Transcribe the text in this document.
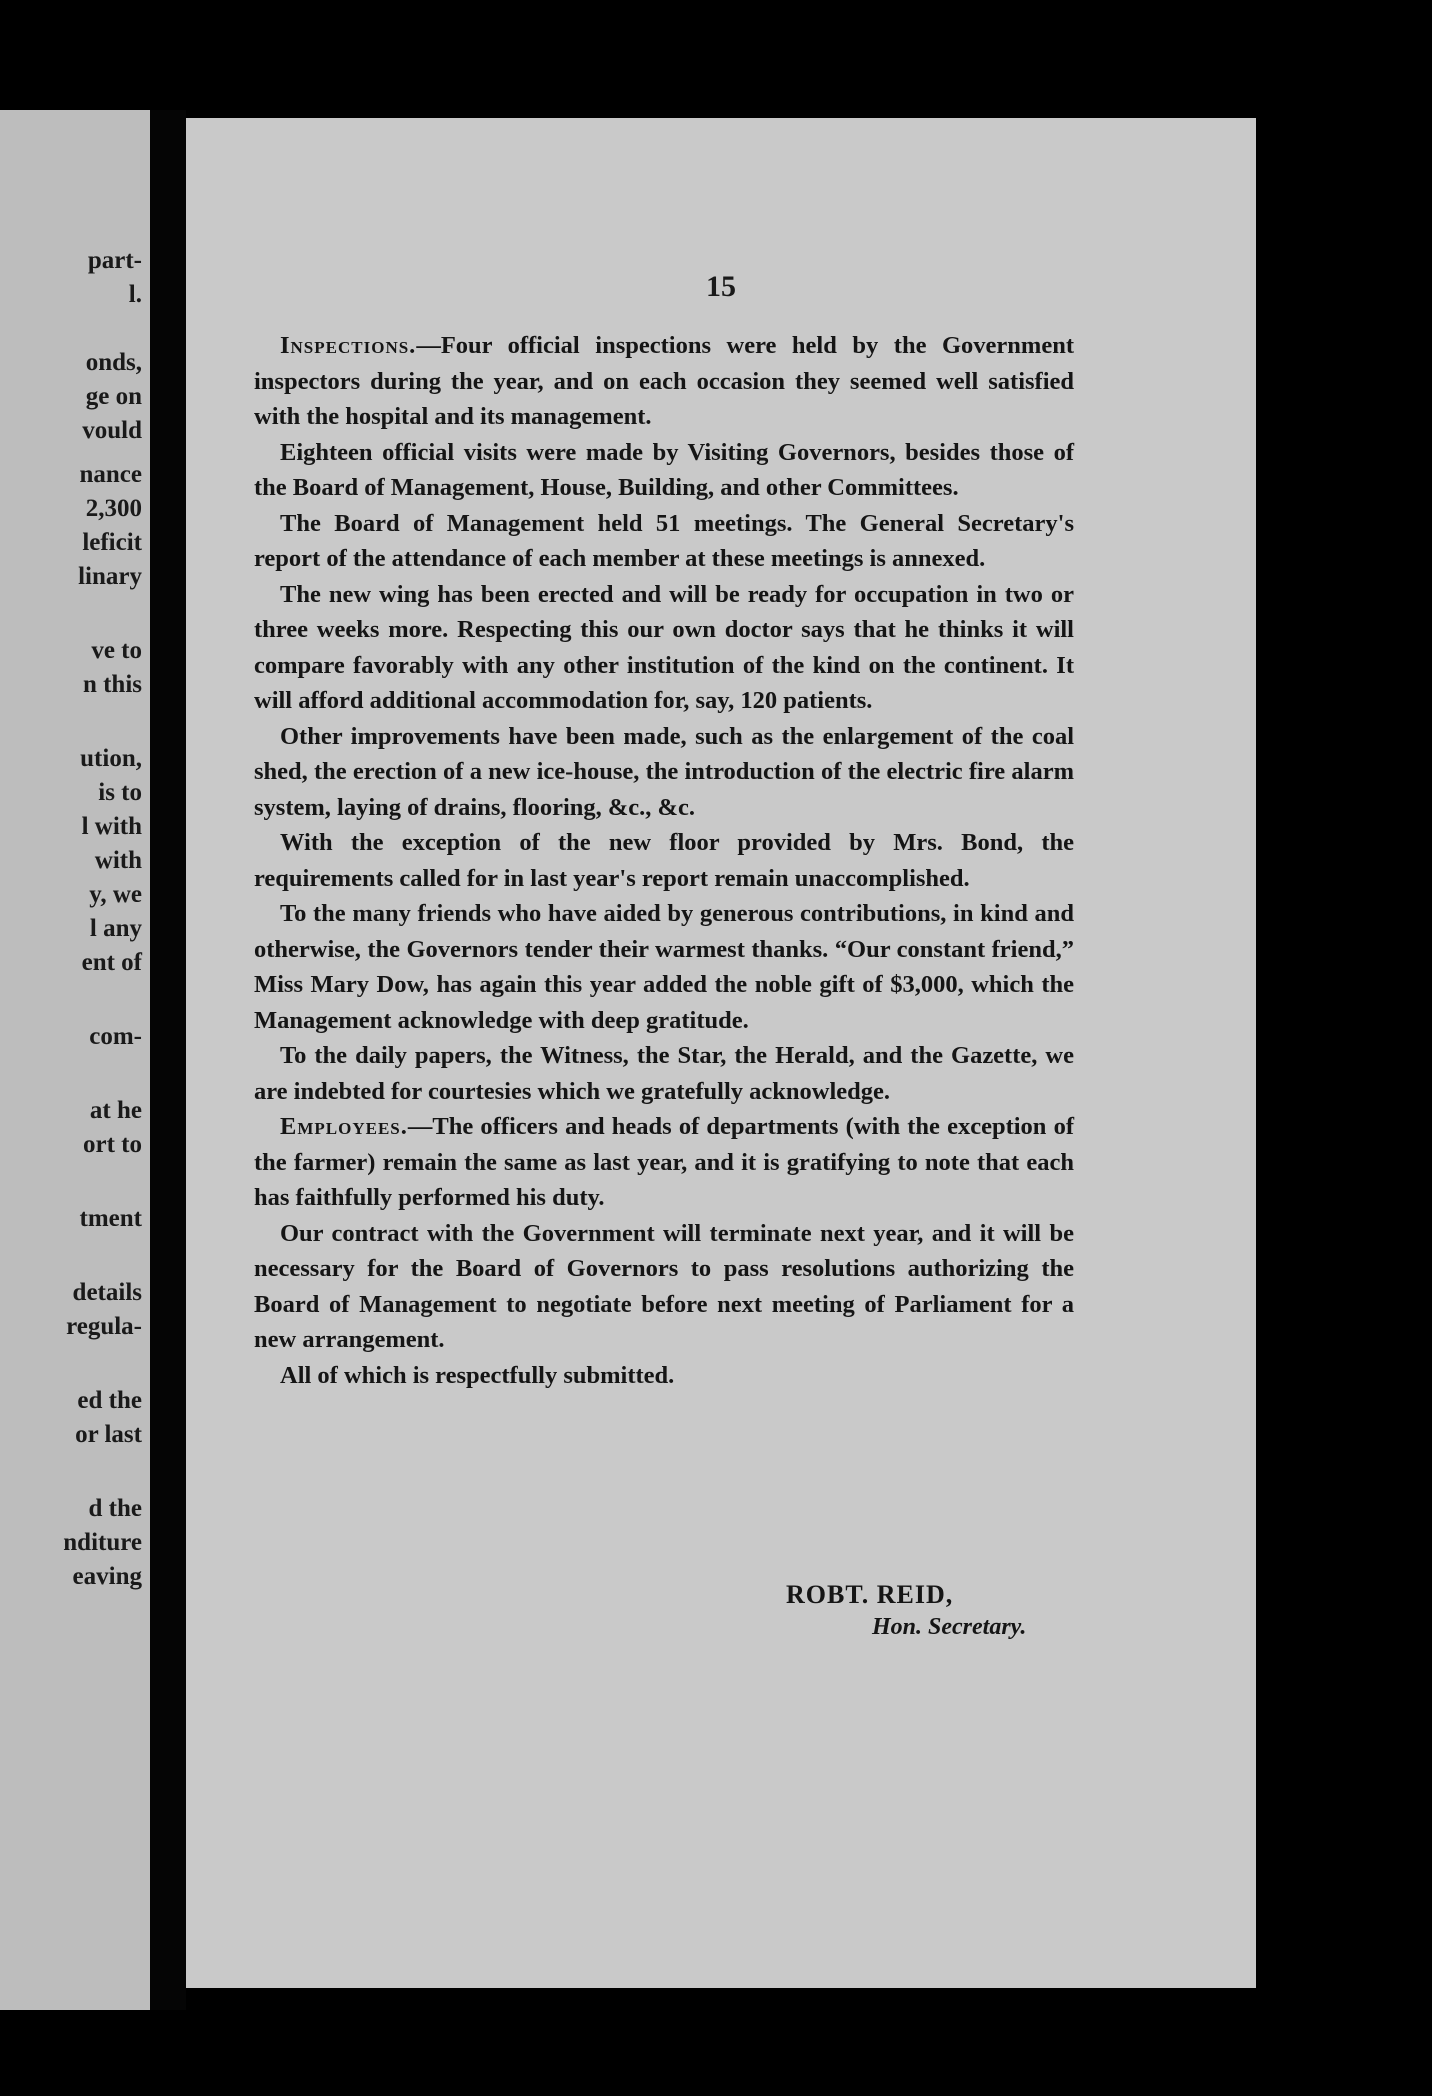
part-
l.
onds,
ge on
vould
nance
2,300
leficit
linary
ve to
n this
ution,
is to
l with
with
y, we
l any
ent of
com-
at he
ort to
tment
details
regula-
ed the
or last
d the
nditure
eaving
15

Inspections.—Four official inspections were held by the Government inspectors during the year, and on each occasion they seemed well satisfied with the hospital and its management.

Eighteen official visits were made by Visiting Governors, besides those of the Board of Management, House, Building, and other Committees.

The Board of Management held 51 meetings. The General Secretary's report of the attendance of each member at these meetings is annexed.

The new wing has been erected and will be ready for occupation in two or three weeks more. Respecting this our own doctor says that he thinks it will compare favorably with any other institution of the kind on the continent. It will afford additional accommodation for, say, 120 patients.

Other improvements have been made, such as the enlargement of the coal shed, the erection of a new ice-house, the introduction of the electric fire alarm system, laying of drains, flooring, &c., &c.

With the exception of the new floor provided by Mrs. Bond, the requirements called for in last year's report remain unaccomplished.

To the many friends who have aided by generous contributions, in kind and otherwise, the Governors tender their warmest thanks. “Our constant friend,” Miss Mary Dow, has again this year added the noble gift of $3,000, which the Management acknowledge with deep gratitude.

To the daily papers, the Witness, the Star, the Herald, and the Gazette, we are indebted for courtesies which we gratefully acknowledge.

Employees.—The officers and heads of departments (with the exception of the farmer) remain the same as last year, and it is gratifying to note that each has faithfully performed his duty.

Our contract with the Government will terminate next year, and it will be necessary for the Board of Governors to pass resolutions authorizing the Board of Management to negotiate before next meeting of Parliament for a new arrangement.

All of which is respectfully submitted.

ROBT. REID,
Hon. Secretary.
